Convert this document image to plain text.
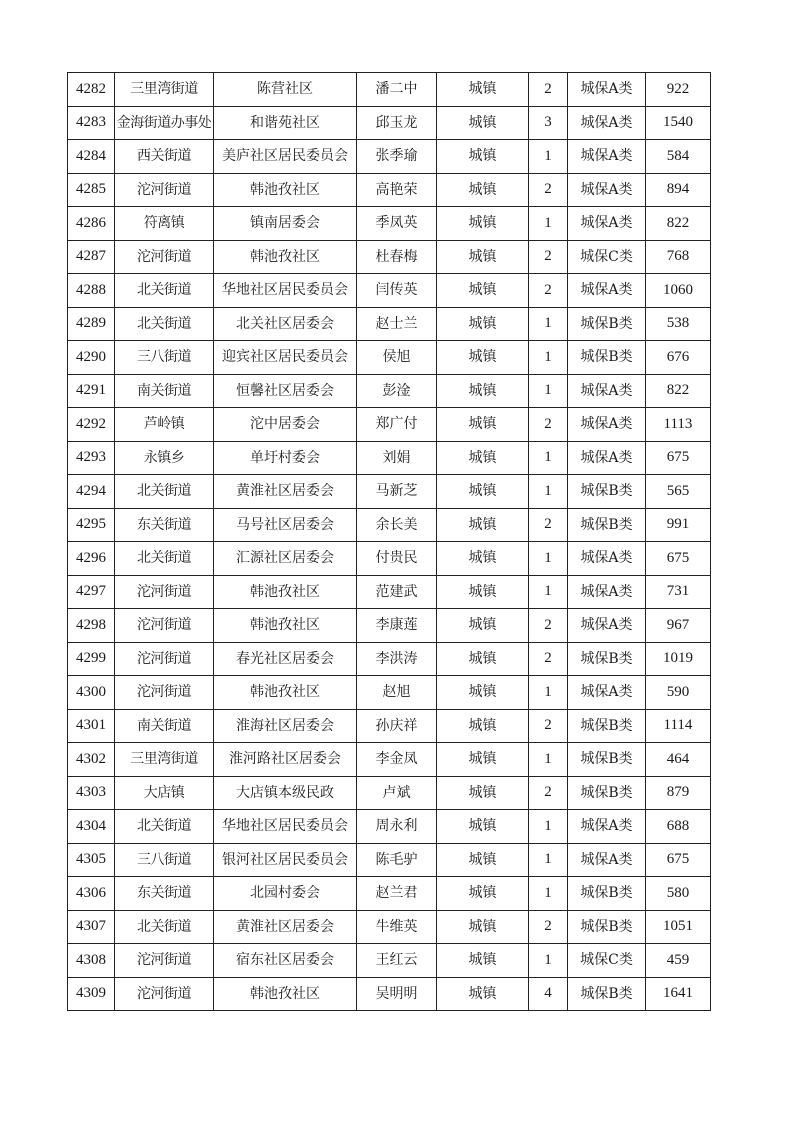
4282	三里湾街道	陈营社区	潘二中	城镇	2	城保A类	922
4283	金海街道办事处	和谐苑社区	邱玉龙	城镇	3	城保A类	1540
4284	西关街道	美庐社区居民委员会	张季瑜	城镇	1	城保A类	584
4285	沱河街道	韩池孜社区	高艳荣	城镇	2	城保A类	894
4286	符离镇	镇南居委会	季凤英	城镇	1	城保A类	822
4287	沱河街道	韩池孜社区	杜春梅	城镇	2	城保C类	768
4288	北关街道	华地社区居民委员会	闫传英	城镇	2	城保A类	1060
4289	北关街道	北关社区居委会	赵士兰	城镇	1	城保B类	538
4290	三八街道	迎宾社区居民委员会	侯旭	城镇	1	城保B类	676
4291	南关街道	恒馨社区居委会	彭淦	城镇	1	城保A类	822
4292	芦岭镇	沱中居委会	郑广付	城镇	2	城保A类	1113
4293	永镇乡	单圩村委会	刘娟	城镇	1	城保A类	675
4294	北关街道	黄淮社区居委会	马新芝	城镇	1	城保B类	565
4295	东关街道	马号社区居委会	余长美	城镇	2	城保B类	991
4296	北关街道	汇源社区居委会	付贵民	城镇	1	城保A类	675
4297	沱河街道	韩池孜社区	范建武	城镇	1	城保A类	731
4298	沱河街道	韩池孜社区	李康莲	城镇	2	城保A类	967
4299	沱河街道	春光社区居委会	李洪涛	城镇	2	城保B类	1019
4300	沱河街道	韩池孜社区	赵旭	城镇	1	城保A类	590
4301	南关街道	淮海社区居委会	孙庆祥	城镇	2	城保B类	1114
4302	三里湾街道	淮河路社区居委会	李金凤	城镇	1	城保B类	464
4303	大店镇	大店镇本级民政	卢斌	城镇	2	城保B类	879
4304	北关街道	华地社区居民委员会	周永利	城镇	1	城保A类	688
4305	三八街道	银河社区居民委员会	陈毛驴	城镇	1	城保A类	675
4306	东关街道	北园村委会	赵兰君	城镇	1	城保B类	580
4307	北关街道	黄淮社区居委会	牛维英	城镇	2	城保B类	1051
4308	沱河街道	宿东社区居委会	王红云	城镇	1	城保C类	459
4309	沱河街道	韩池孜社区	吴明明	城镇	4	城保B类	1641
